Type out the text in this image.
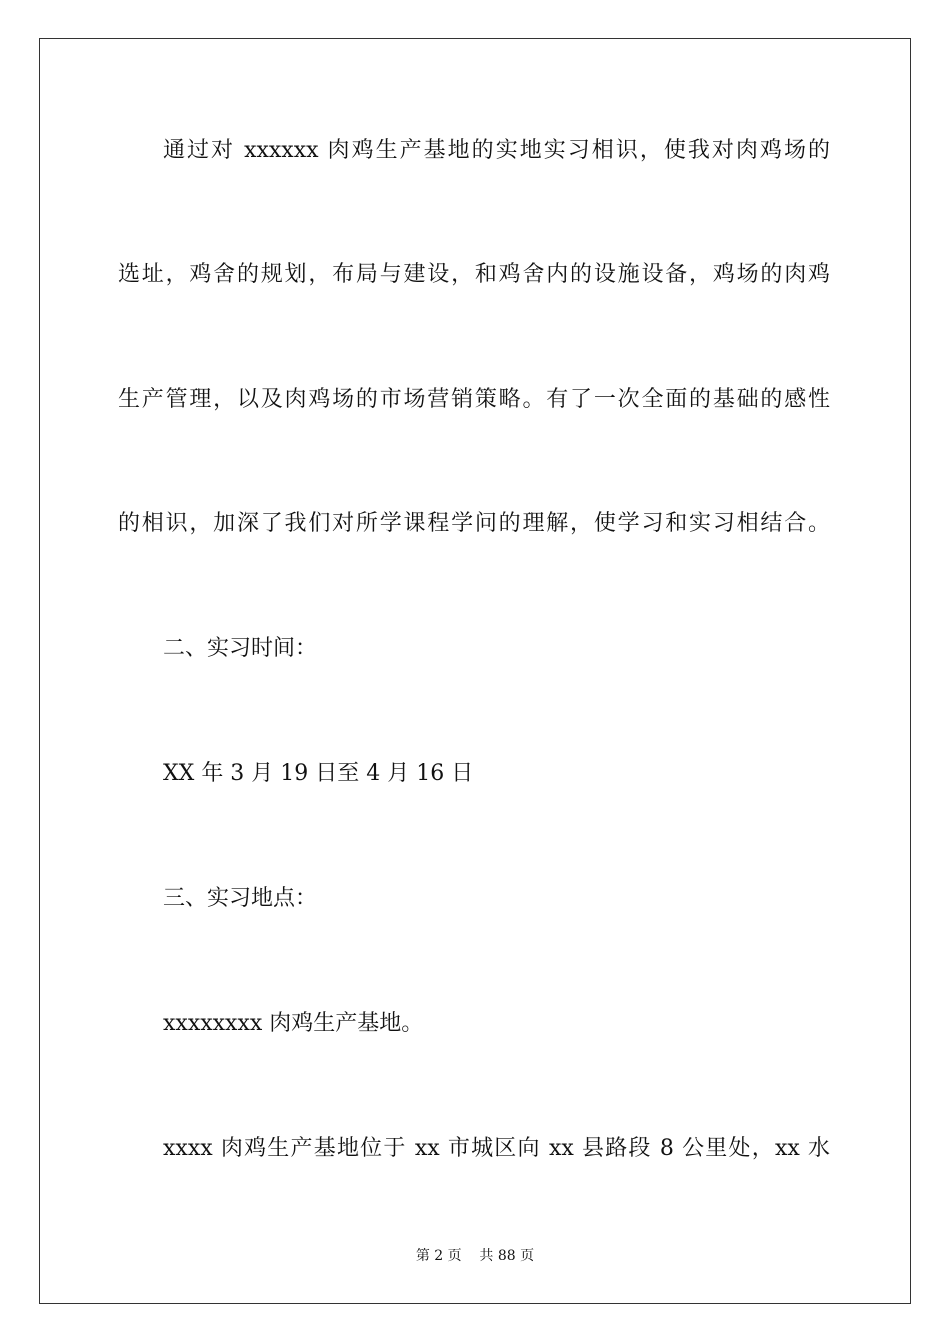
通过对 xxxxxx 肉鸡生产基地的实地实习相识，使我对肉鸡场的
选址，鸡舍的规划，布局与建设，和鸡舍内的设施设备，鸡场的肉鸡
生产管理，以及肉鸡场的市场营销策略。有了一次全面的基础的感性
的相识，加深了我们对所学课程学问的理解，使学习和实习相结合。
二、实习时间：
XX 年 3 月 19 日至 4 月 16 日
三、实习地点：
xxxxxxxx 肉鸡生产基地。
xxxx 肉鸡生产基地位于 xx 市城区向 xx 县路段 8 公里处，xx 水
第 2 页    共 88 页
